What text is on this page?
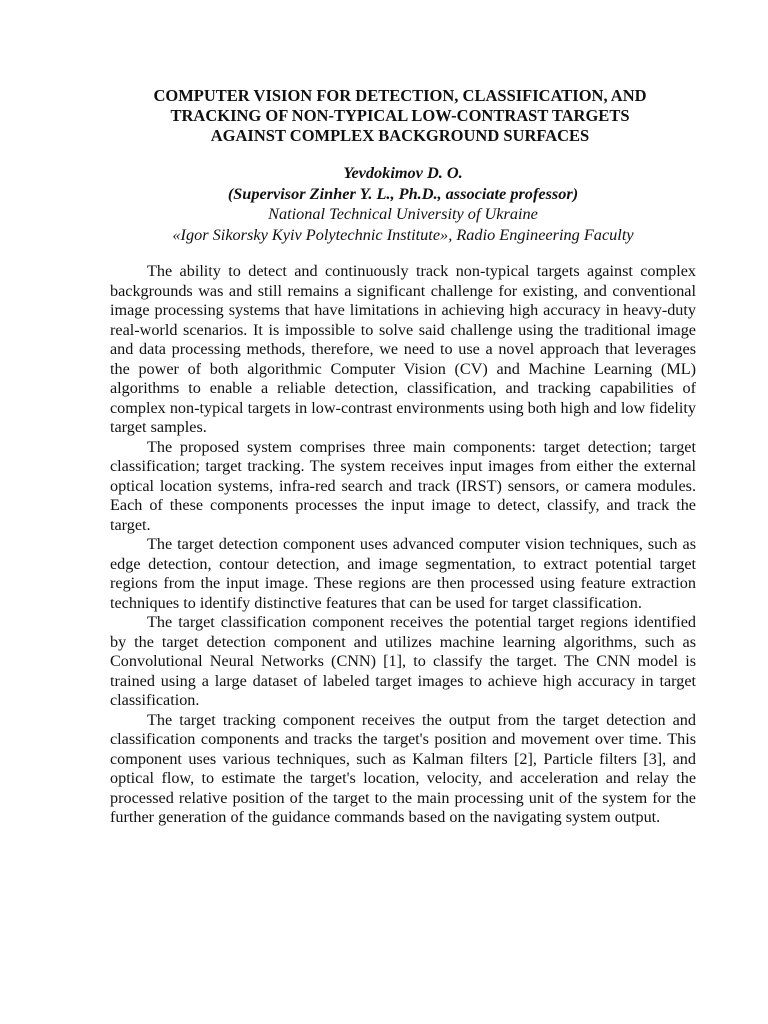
COMPUTER VISION FOR DETECTION, CLASSIFICATION, AND
TRACKING OF NON-TYPICAL LOW-CONTRAST TARGETS
AGAINST COMPLEX BACKGROUND SURFACES
Yevdokimov D. O.
(Supervisor Zinher Y. L., Ph.D., associate professor)
National Technical University of Ukraine
«Igor Sikorsky Kyiv Polytechnic Institute», Radio Engineering Faculty

The ability to detect and continuously track non-typical targets against complex backgrounds was and still remains a significant challenge for existing, and conventional image processing systems that have limitations in achieving high accuracy in heavy-duty real-world scenarios. It is impossible to solve said challenge using the traditional image and data processing methods, therefore, we need to use a novel approach that leverages the power of both algorithmic Computer Vision (CV) and Machine Learning (ML) algorithms to enable a reliable detection, classification, and tracking capabilities of complex non-typical targets in low-contrast environments using both high and low fidelity target samples.

The proposed system comprises three main components: target detection; target classification; target tracking. The system receives input images from either the external optical location systems, infra-red search and track (IRST) sensors, or camera modules. Each of these components processes the input image to detect, classify, and track the target.

The target detection component uses advanced computer vision techniques, such as edge detection, contour detection, and image segmentation, to extract potential target regions from the input image. These regions are then processed using feature extraction techniques to identify distinctive features that can be used for target classification.

The target classification component receives the potential target regions identified by the target detection component and utilizes machine learning algorithms, such as Convolutional Neural Networks (CNN) [1], to classify the target. The CNN model is trained using a large dataset of labeled target images to achieve high accuracy in target classification.

The target tracking component receives the output from the target detection and classification components and tracks the target's position and movement over time. This component uses various techniques, such as Kalman filters [2], Particle filters [3], and optical flow, to estimate the target's location, velocity, and acceleration and relay the processed relative position of the target to the main processing unit of the system for the further generation of the guidance commands based on the navigating system output.
